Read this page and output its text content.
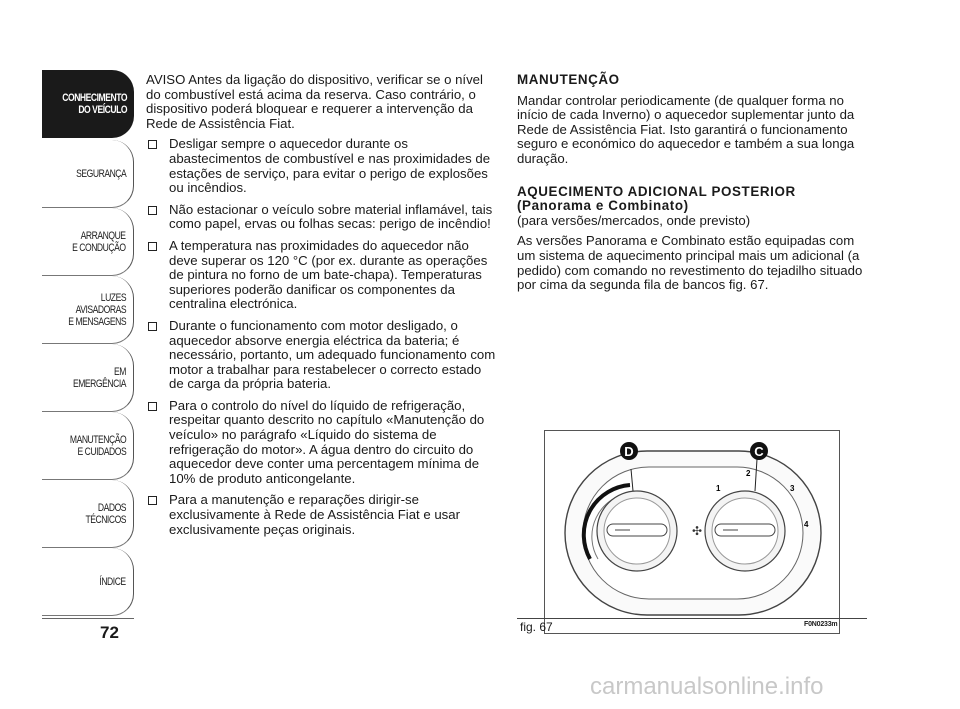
CONHECIMENTO
DO VEÍCULO
SEGURANÇA
ARRANQUE
E CONDUÇÃO
LUZES
AVISADORAS
E MENSAGENS
EM EMERGÊNCIA
MANUTENÇÃO
E CUIDADOS
DADOS
TÉCNICOS
ÍNDICE
72

AVISO Antes da ligação do dispositivo, verificar se o nível do combustível está acima da reserva. Caso contrário, o dispositivo poderá bloquear e requerer a intervenção da Rede de Assistência Fiat.

Desligar sempre o aquecedor durante os abastecimentos de combustível e nas proximidades de estações de serviço, para evitar o perigo de explosões ou incêndios.
Não estacionar o veículo sobre material inflamável, tais como papel, ervas ou folhas secas: perigo de incêndio!
A temperatura nas proximidades do aquecedor não deve superar os 120 °C (por ex. durante as operações de pintura no forno de um bate-chapa). Temperaturas superiores poderão danificar os componentes da centralina electrónica.
Durante o funcionamento com motor desligado, o aquecedor absorve energia eléctrica da bateria; é necessário, portanto, um adequado funcionamento com motor a trabalhar para restabelecer o correcto estado de carga da própria bateria.
Para o controlo do nível do líquido de refrigeração, respeitar quanto descrito no capítulo «Manutenção do veículo» no parágrafo «Líquido do sistema de refrigeração do motor». A água dentro do circuito do aquecedor deve conter uma percentagem mínima de 10% de produto anticongelante.
Para a manutenção e reparações dirigir-se exclusivamente à Rede de Assistência Fiat e usar exclusivamente peças originais.
MANUTENÇÃO

Mandar controlar periodicamente (de qualquer forma no início de cada Inverno) o aquecedor suplementar junto da Rede de Assistência Fiat. Isto garantirá o funcionamento seguro e económico do aquecedor e também a sua longa duração.

AQUECIMENTO ADICIONAL POSTERIOR
(Panorama e Combinato)
(para versões/mercados, onde previsto)

As versões Panorama e Combinato estão equipadas com um sistema de aquecimento principal mais um adicional (a pedido) com comando no revestimento do tejadilho situado por cima da segunda fila de bancos fig. 67.

✣
D	C
1
2
3
4
fig. 67	F0N0233m
carmanualsonline.info
